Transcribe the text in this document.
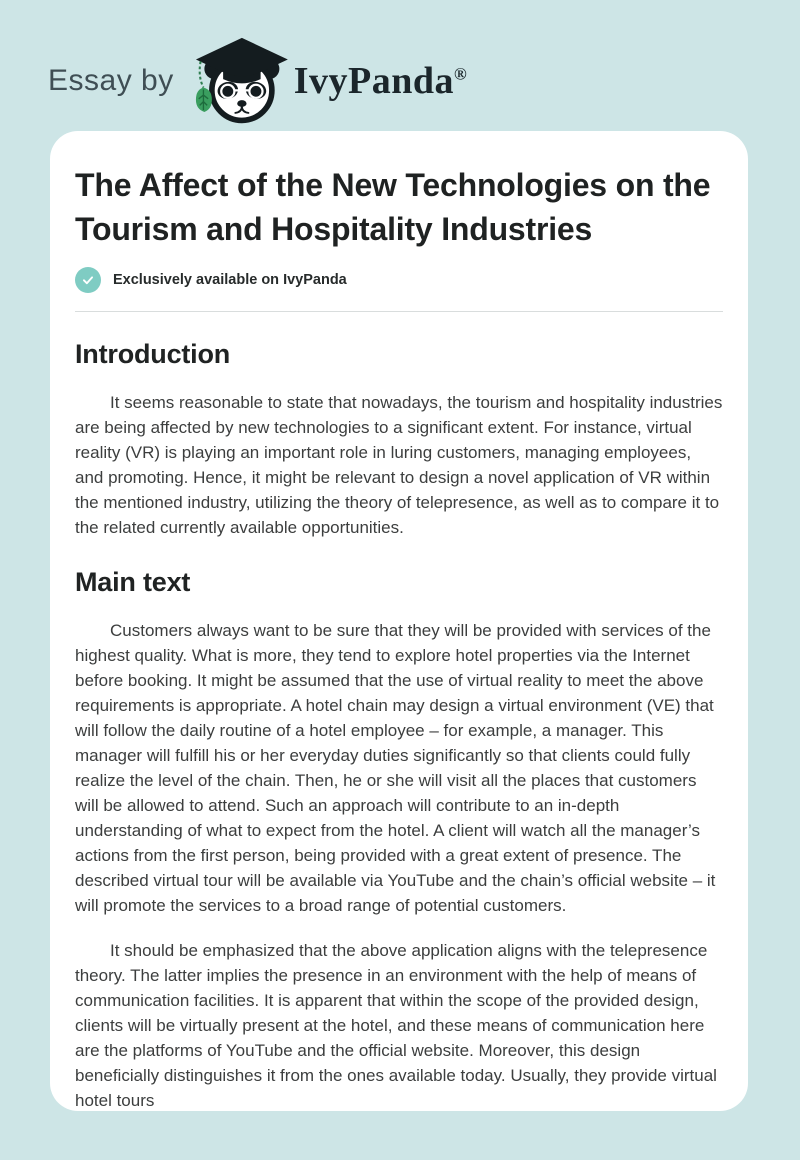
Essay by	IvyPanda®
The Affect of the New Technologies on the Tourism and Hospitality Industries
Exclusively available on IvyPanda
Introduction

It seems reasonable to state that nowadays, the tourism and hospitality industries are being affected by new technologies to a significant extent. For instance, virtual reality (VR) is playing an important role in luring customers, managing employees, and promoting. Hence, it might be relevant to design a novel application of VR within the mentioned industry, utilizing the theory of telepresence, as well as to compare it to the related currently available opportunities.

Main text

Customers always want to be sure that they will be provided with services of the highest quality. What is more, they tend to explore hotel properties via the Internet before booking. It might be assumed that the use of virtual reality to meet the above requirements is appropriate. A hotel chain may design a virtual environment (VE) that will follow the daily routine of a hotel employee – for example, a manager. This manager will fulfill his or her everyday duties significantly so that clients could fully realize the level of the chain. Then, he or she will visit all the places that customers will be allowed to attend. Such an approach will contribute to an in-depth understanding of what to expect from the hotel. A client will watch all the manager’s actions from the first person, being provided with a great extent of presence. The described virtual tour will be available via YouTube and the chain’s official website – it will promote the services to a broad range of potential customers.

It should be emphasized that the above application aligns with the telepresence theory. The latter implies the presence in an environment with the help of means of communication facilities. It is apparent that within the scope of the provided design, clients will be virtually present at the hotel, and these means of communication here are the platforms of YouTube and the official website. Moreover, this design beneficially distinguishes it from the ones available today. Usually, they provide virtual hotel tours
